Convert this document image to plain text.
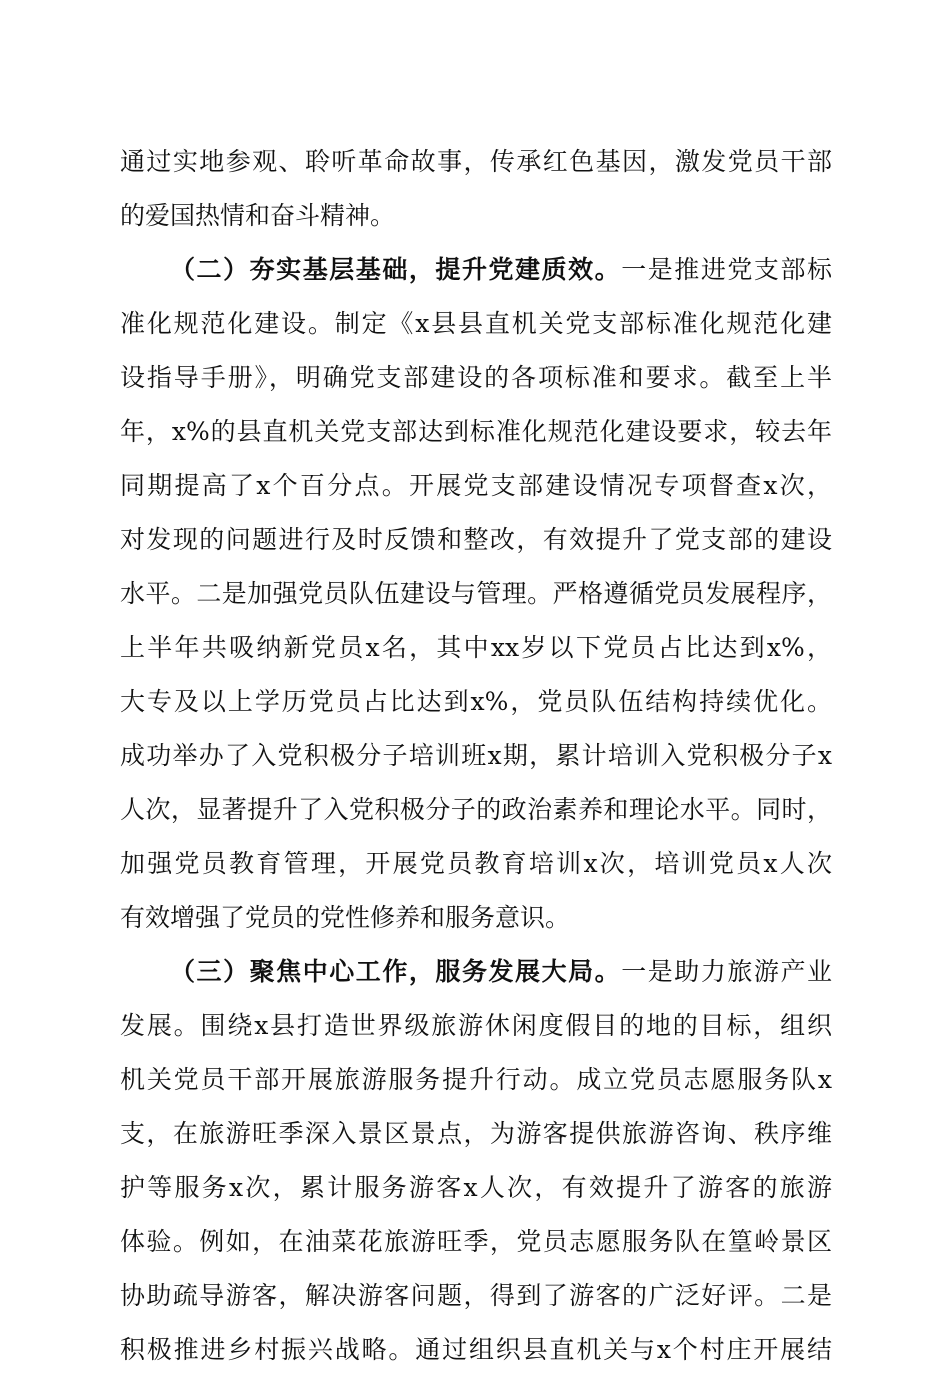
通过实地参观、聆听革命故事，传承红色基因，激发党员干部
的爱国热情和奋斗精神。
（二）夯实基层基础，提升党建质效。一是推进党支部标
准化规范化建设。制定《x县县直机关党支部标准化规范化建
设指导手册》，明确党支部建设的各项标准和要求。截至上半
年，x%的县直机关党支部达到标准化规范化建设要求，较去年
同期提高了x个百分点。开展党支部建设情况专项督查x次，
对发现的问题进行及时反馈和整改，有效提升了党支部的建设
水平。二是加强党员队伍建设与管理。严格遵循党员发展程序，
上半年共吸纳新党员x名，其中xx岁以下党员占比达到x%，
大专及以上学历党员占比达到x%，党员队伍结构持续优化。
成功举办了入党积极分子培训班x期，累计培训入党积极分子x
人次，显著提升了入党积极分子的政治素养和理论水平。同时，
加强党员教育管理，开展党员教育培训x次，培训党员x人次
有效增强了党员的党性修养和服务意识。
（三）聚焦中心工作，服务发展大局。一是助力旅游产业
发展。围绕x县打造世界级旅游休闲度假目的地的目标，组织
机关党员干部开展旅游服务提升行动。成立党员志愿服务队x
支，在旅游旺季深入景区景点，为游客提供旅游咨询、秩序维
护等服务x次，累计服务游客x人次，有效提升了游客的旅游
体验。例如，在油菜花旅游旺季，党员志愿服务队在篁岭景区
协助疏导游客，解决游客问题，得到了游客的广泛好评。二是
积极推进乡村振兴战略。通过组织县直机关与x个村庄开展结
